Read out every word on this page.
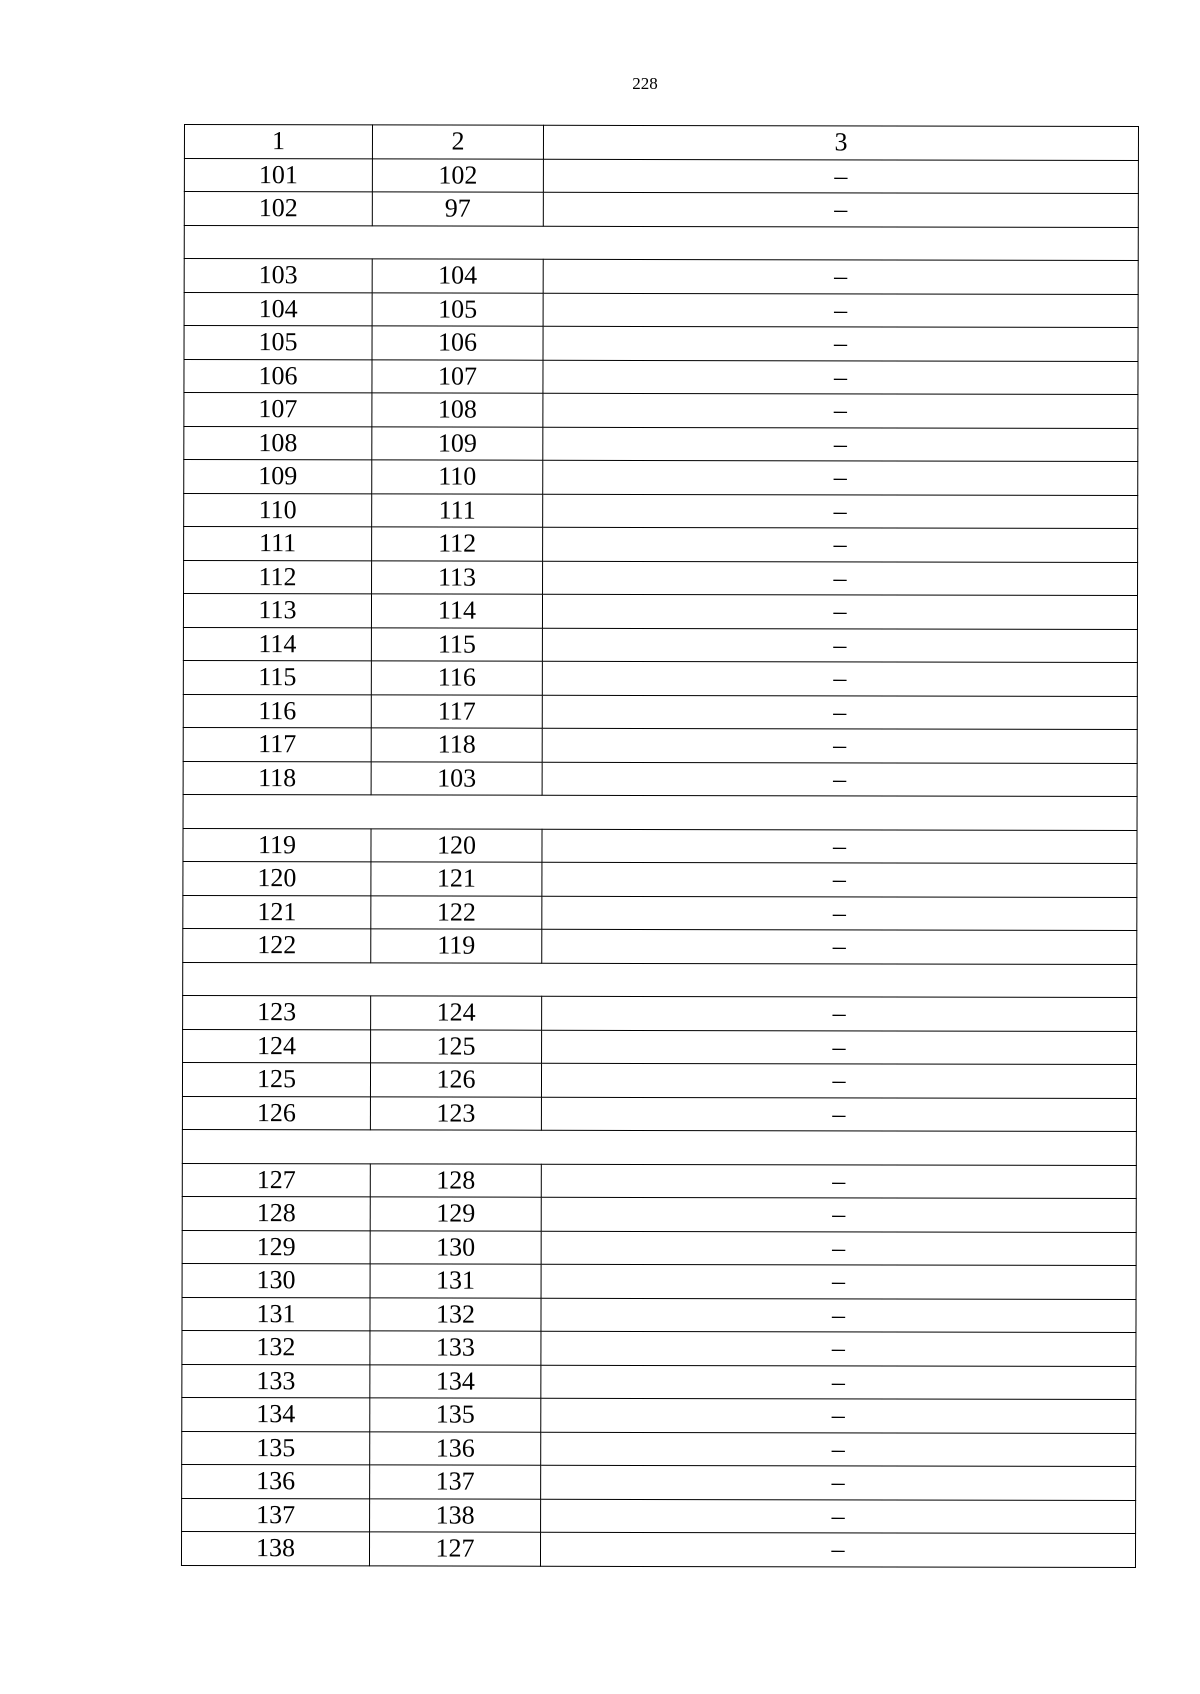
228
1	2	3
101	102	–
102	97	–

103	104	–
104	105	–
105	106	–
106	107	–
107	108	–
108	109	–
109	110	–
110	111	–
111	112	–
112	113	–
113	114	–
114	115	–
115	116	–
116	117	–
117	118	–
118	103	–

119	120	–
120	121	–
121	122	–
122	119	–

123	124	–
124	125	–
125	126	–
126	123	–

127	128	–
128	129	–
129	130	–
130	131	–
131	132	–
132	133	–
133	134	–
134	135	–
135	136	–
136	137	–
137	138	–
138	127	–
